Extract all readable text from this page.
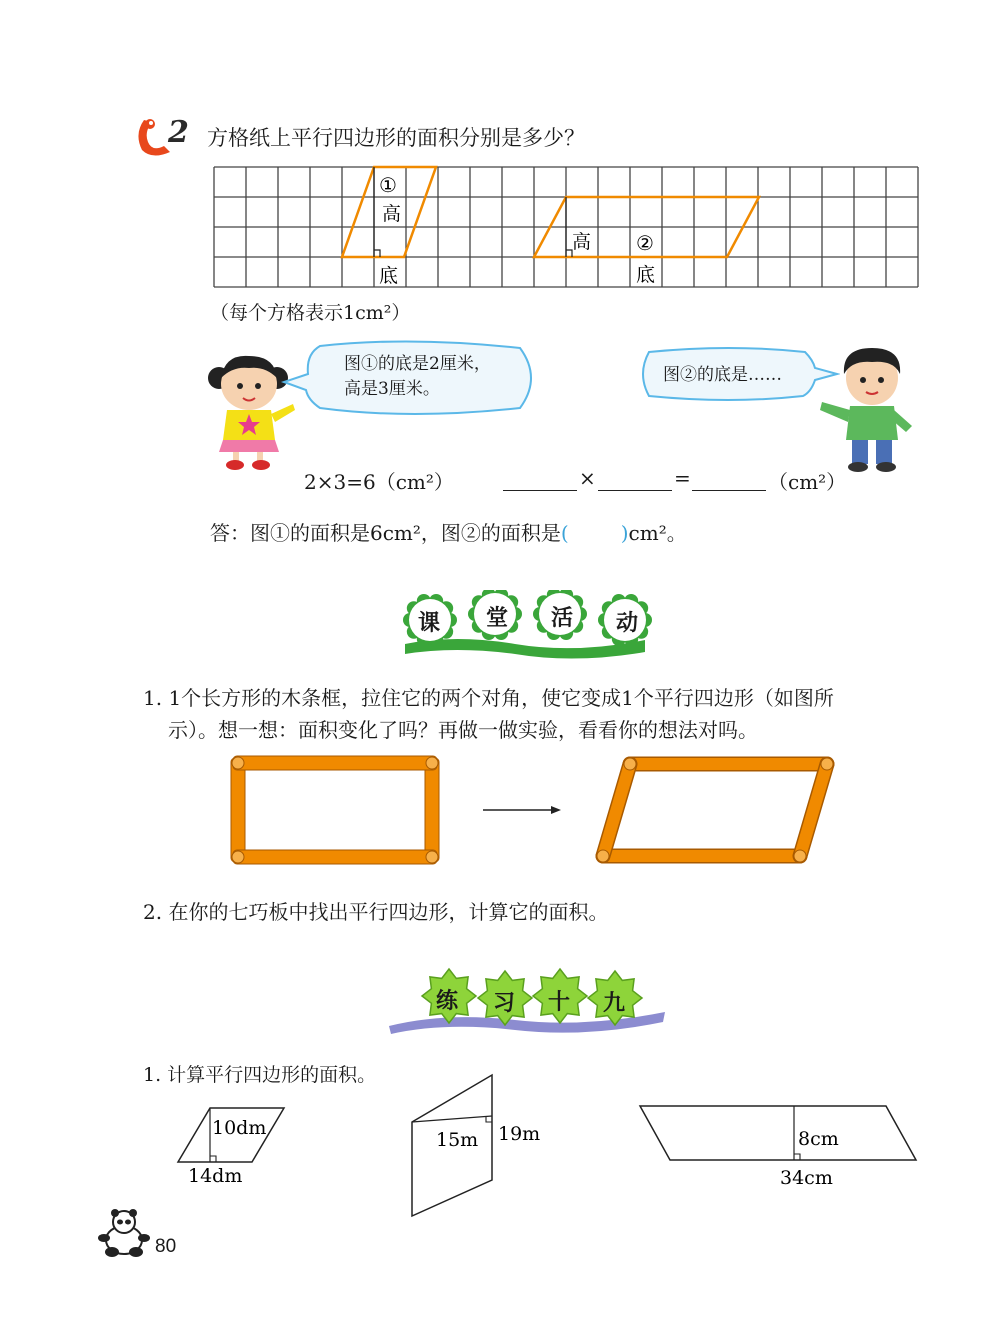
2 方格纸上平行四边形的面积分别是多少？
①
高
底
高 ②
底
（每个方格表示1cm²）
图①的底是2厘米，
高是3厘米。
图②的底是……
2×3=6（cm²）	×	=	（cm²）
答：图①的面积是6cm²，图②的面积是(	)cm²。
课 堂 活 动
1. 1个长方形的木条框，拉住它的两个对角，使它变成1个平行四边形（如图所
示）。想一想：面积变化了吗？再做一做实验，看看你的想法对吗。
2. 在你的七巧板中找出平行四边形，计算它的面积。
练 习 十 九
1. 计算平行四边形的面积。
10dm
14dm
15m 19m	8cm
34cm
80
